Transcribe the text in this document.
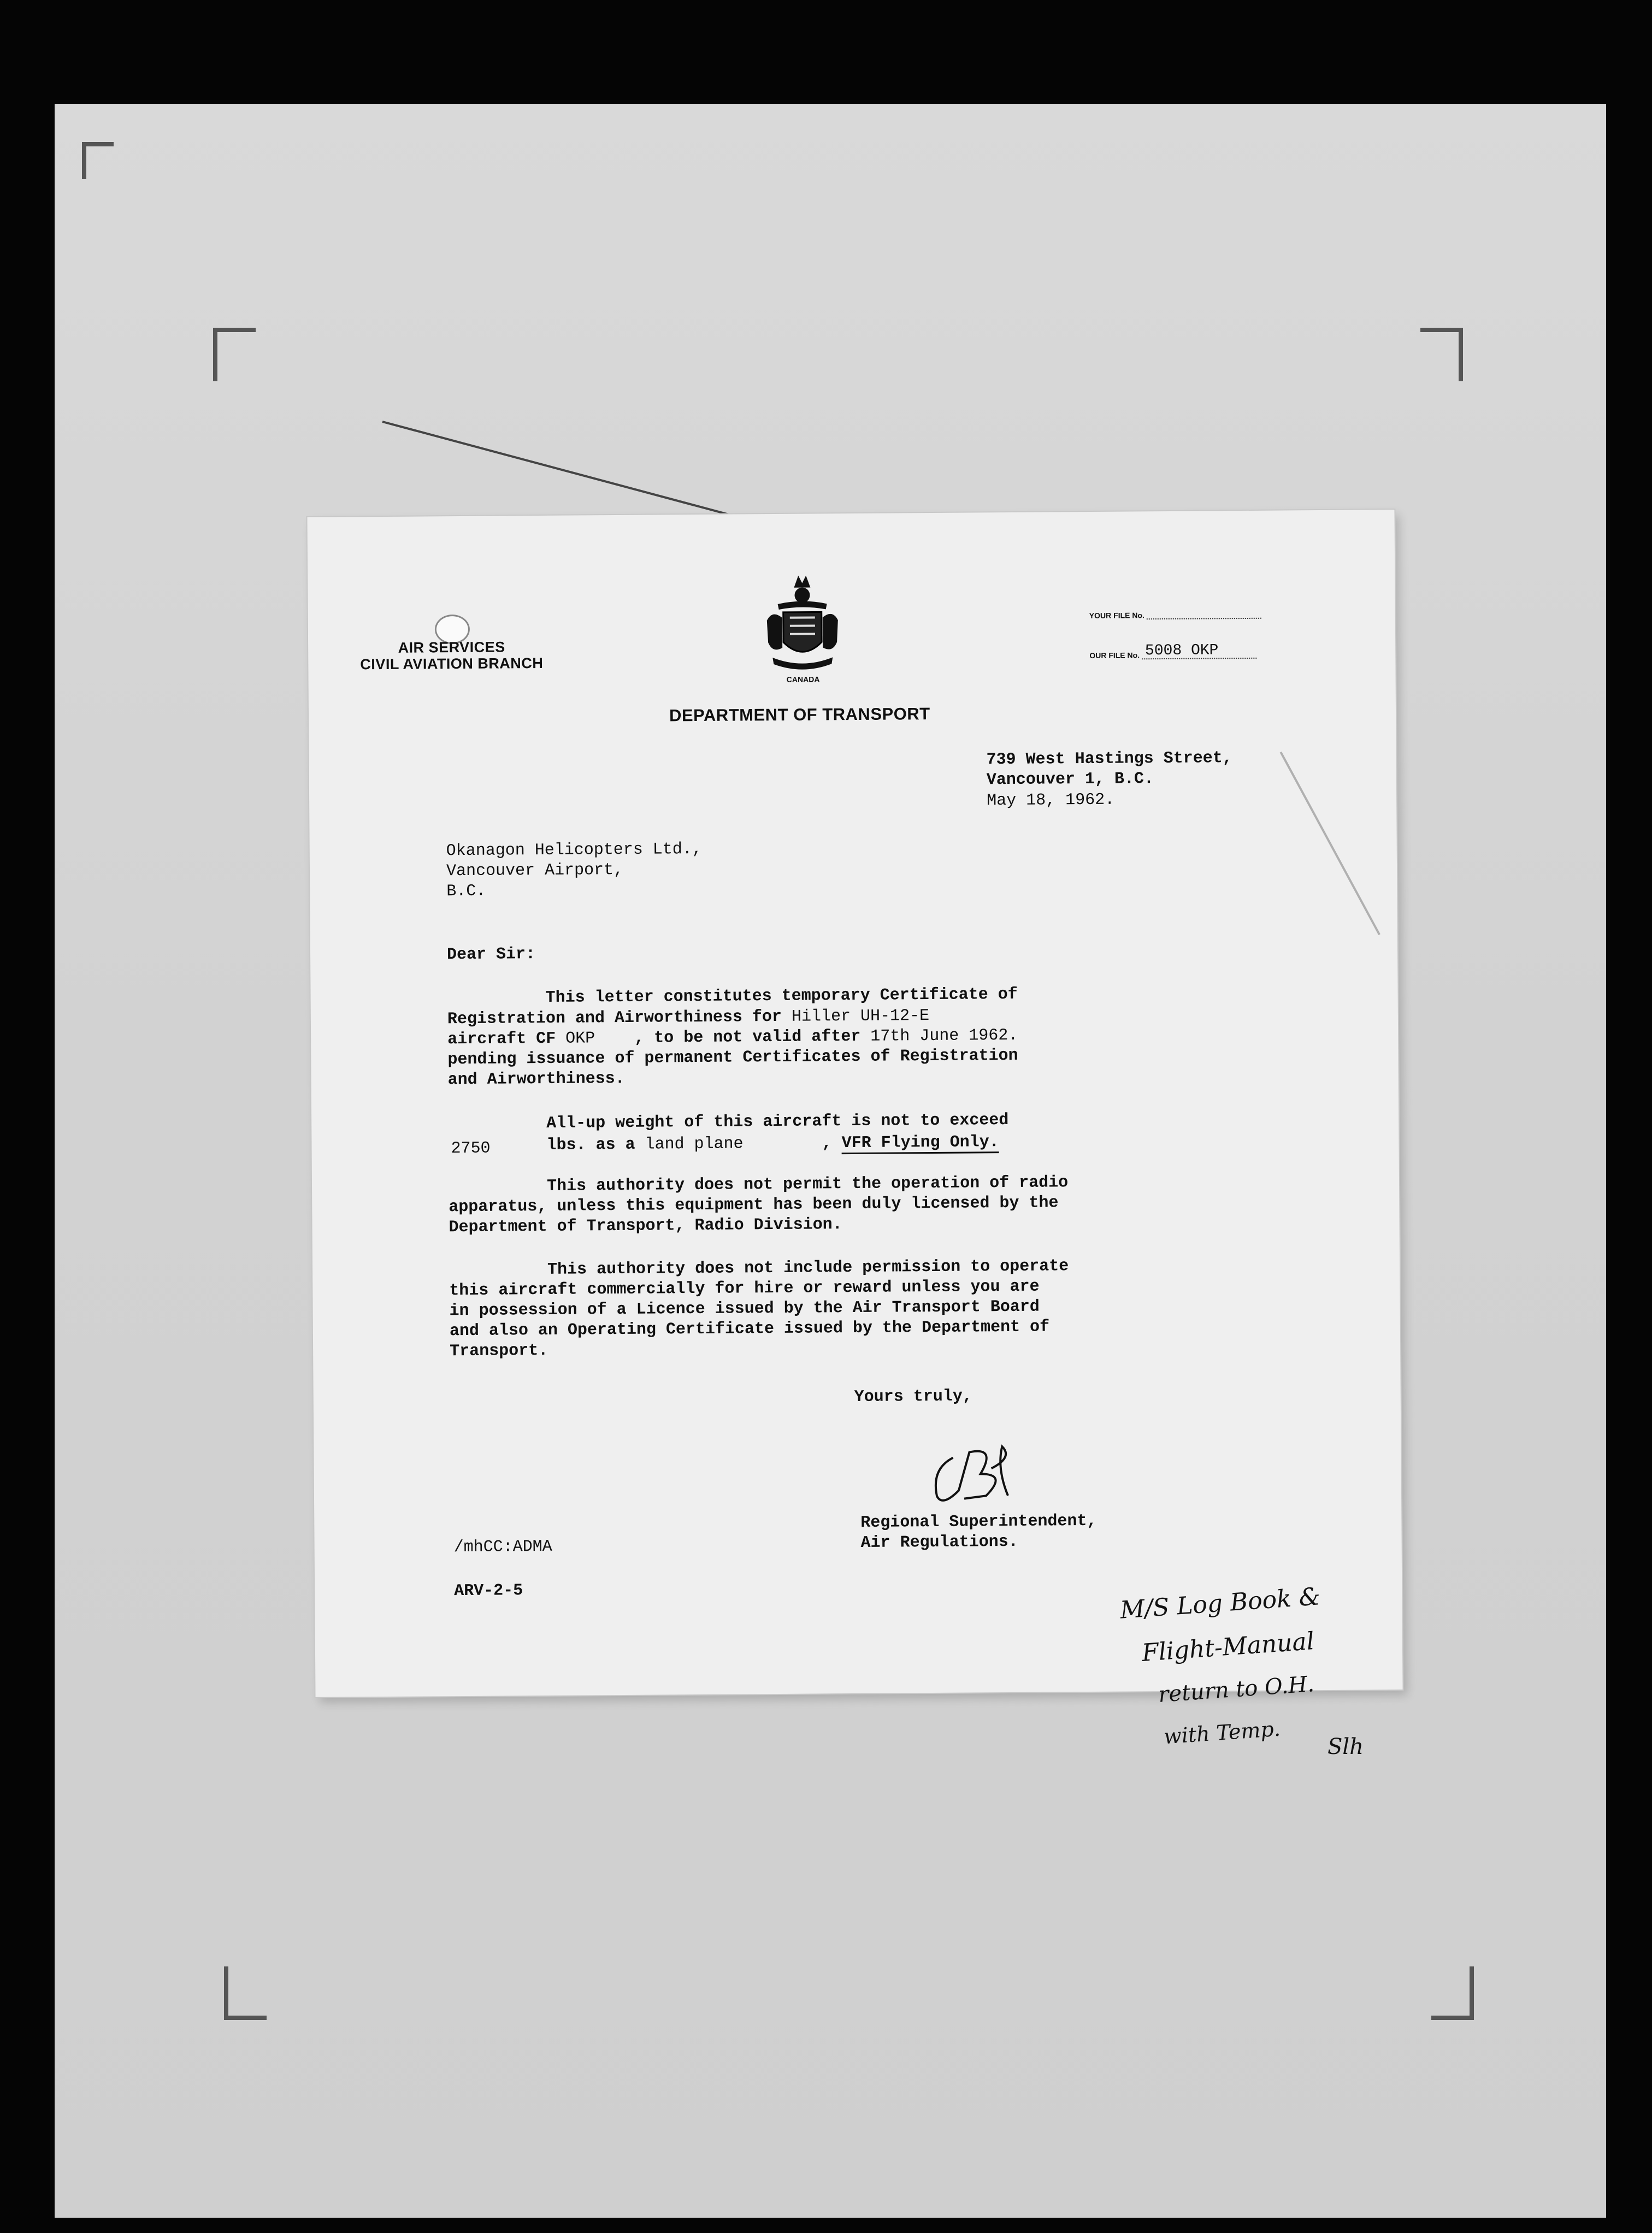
AIR SERVICES
CIVIL AVIATION BRANCH
CANADA
DEPARTMENT OF TRANSPORT
YOUR FILE No.
OUR FILE No. 5008 OKP
739 West Hastings Street,
Vancouver 1, B.C.
May 18, 1962.
Okanagon Helicopters Ltd.,
Vancouver Airport,
B.C.
Dear Sir:
This letter constitutes temporary Certificate of
Registration and Airworthiness for Hiller UH-12-E
aircraft CF OKP , to be not valid after 17th June 1962.
pending issuance of permanent Certificates of Registration
and Airworthiness.
All-up weight of this aircraft is not to exceed
2750	lbs. as a land plane	, VFR Flying Only.
This authority does not permit the operation of radio
apparatus, unless this equipment has been duly licensed by the
Department of Transport, Radio Division.
This authority does not include permission to operate
this aircraft commercially for hire or reward unless you are
in possession of a Licence issued by the Air Transport Board
and also an Operating Certificate issued by the Department of
Transport.
Yours truly,
Regional Superintendent,
Air Regulations.
/mhCC:ADMA
ARV-2-5	M/S Log Book &
Flight-Manual
return to O.H.
with Temp. Slh
